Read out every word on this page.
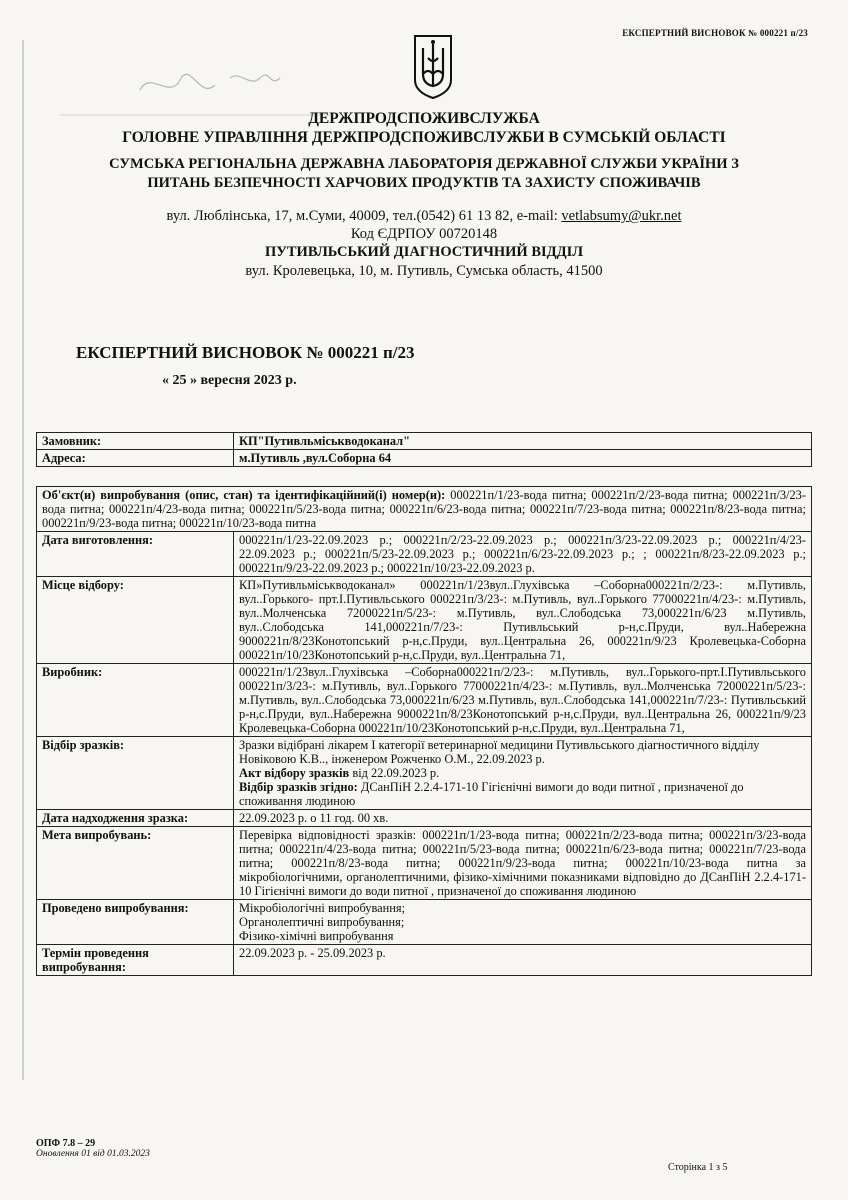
ЕКСПЕРТНИЙ ВИСНОВОК № 000221 п/23
ДЕРЖПРОДСПОЖИВСЛУЖБА
ГОЛОВНЕ УПРАВЛІННЯ ДЕРЖПРОДСПОЖИВСЛУЖБИ В СУМСЬКІЙ ОБЛАСТІ
СУМСЬКА РЕГІОНАЛЬНА ДЕРЖАВНА ЛАБОРАТОРІЯ ДЕРЖАВНОЇ СЛУЖБИ УКРАЇНИ З
ПИТАНЬ БЕЗПЕЧНОСТІ ХАРЧОВИХ ПРОДУКТІВ ТА ЗАХИСТУ СПОЖИВАЧІВ
вул. Люблінська, 17, м.Суми, 40009, тел.(0542) 61 13 82, e-mail: vetlabsumy@ukr.net
Код ЄДРПОУ 00720148
ПУТИВЛЬСЬКИЙ ДІАГНОСТИЧНИЙ ВІДДІЛ
вул. Кролевецька, 10, м. Путивль, Сумська область, 41500
ЕКСПЕРТНИЙ ВИСНОВОК № 000221 п/23
« 25 » вересня 2023 р.
Замовник:	КП"Путивльміськводоканал"
Адреса:	м.Путивль ,вул.Соборна 64
Об'єкт(и) випробування (опис, стан) та ідентифікаційний(і) номер(и): 000221п/1/23-вода питна; 000221п/2/23-вода питна; 000221п/3/23-вода питна; 000221п/4/23-вода питна; 000221п/5/23-вода питна; 000221п/6/23-вода питна; 000221п/7/23-вода питна; 000221п/8/23-вода питна; 000221п/9/23-вода питна; 000221п/10/23-вода питна	
Дата виготовлення:	000221п/1/23-22.09.2023 р.; 000221п/2/23-22.09.2023 р.; 000221п/3/23-22.09.2023 р.; 000221п/4/23-22.09.2023 р.; 000221п/5/23-22.09.2023 р.; 000221п/6/23-22.09.2023 р.; ; 000221п/8/23-22.09.2023 р.; 000221п/9/23-22.09.2023 р.; 000221п/10/23-22.09.2023 р.
Місце відбору:	КП»Путивльміськводоканал» 000221п/1/23вул..Глухівська –Соборна000221п/2/23-: м.Путивль, вул..Горького- прт.І.Путивльського 000221п/3/23-: м.Путивль, вул..Горького 77000221п/4/23-: м.Путивль, вул..Молченська 72000221п/5/23-: м.Путивль, вул..Слободська 73,000221п/6/23 м.Путивль, вул..Слободська 141,000221п/7/23-: Путивльський р-н,с.Пруди, вул..Набережна 9000221п/8/23Конотопський р-н,с.Пруди, вул..Центральна 26, 000221п/9/23 Кролевецька-Соборна 000221п/10/23Конотопський р-н,с.Пруди, вул..Центральна 71,
Виробник:	000221п/1/23вул..Глухівська –Соборна000221п/2/23-: м.Путивль, вул..Горького-прт.І.Путивльського 000221п/3/23-: м.Путивль, вул..Горького 77000221п/4/23-: м.Путивль, вул..Молченська 72000221п/5/23-: м.Путивль, вул..Слободська 73,000221п/6/23 м.Путивль, вул..Слободська 141,000221п/7/23-: Путивльський р-н,с.Пруди, вул..Набережна 9000221п/8/23Конотопський р-н,с.Пруди, вул..Центральна 26, 000221п/9/23 Кролевецька-Соборна 000221п/10/23Конотопський р-н,с.Пруди, вул..Центральна 71,
Відбір зразків:	Зразки відібрані лікарем І категорії ветеринарної медицини Путивльського діагностичного відділу Новіковою К.В.., інженером Рожченко О.М., 22.09.2023 р.
Акт відбору зразків від 22.09.2023 р.
Відбір зразків згідно: ДСанПіН 2.2.4-171-10 Гігієнічні вимоги до води питної , призначеної до споживання людиною

Дата надходження зразка:	22.09.2023 р. о 11 год. 00 хв.
Мета випробувань:	Перевірка відповідності зразків: 000221п/1/23-вода питна; 000221п/2/23-вода питна; 000221п/3/23-вода питна; 000221п/4/23-вода питна; 000221п/5/23-вода питна; 000221п/6/23-вода питна; 000221п/7/23-вода питна; 000221п/8/23-вода питна; 000221п/9/23-вода питна; 000221п/10/23-вода питна за мікробіологічними, органолептичними, фізико-хімічними показниками відповідно до ДСанПіН 2.2.4-171-10 Гігієнічні вимоги до води питної , призначеної до споживання людиною
Проведено випробування:	Мікробіологічні випробування;
Органолептичні випробування;
Фізико-хімічні випробування

Термін проведення випробування:	22.09.2023 р. - 25.09.2023 р.
ОПФ 7.8 – 29
Оновлення 01 від 01.03.2023
Сторінка 1 з 5
